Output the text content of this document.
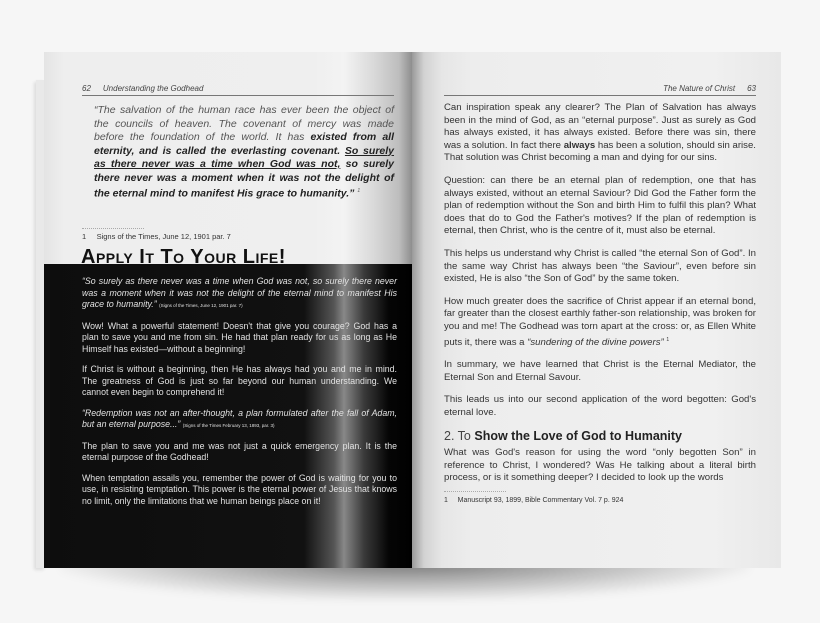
62 Understanding the Godhead
“The salvation of the human race has ever been the object of the councils of heaven. The covenant of mercy was made before the foundation of the world. It has existed from all eternity, and is called the everlasting covenant. So surely as there never was a time when God was not, so surely there never was a moment when it was not the delight of the eternal mind to manifest His grace to humanity.” $^1$
1 Signs of the Times, June 12, 1901 par. 7
Apply It To Your Life!

“So surely as there never was a time when God was not, so surely there never was a moment when it was not the delight of the eternal mind to manifest His grace to humanity.” (Signs of the Times, June 12, 1901 par. 7)

Wow! What a powerful statement! Doesn't that give you courage? God has a plan to save you and me from sin. He had that plan ready for us as long as He Himself has existed—without a beginning!

If Christ is without a beginning, then He has always had you and me in mind. The greatness of God is just so far beyond our human understanding. We cannot even begin to comprehend it!

“Redemption was not an after-thought, a plan formulated after the fall of Adam, but an eternal purpose...” (Signs of the Times February 13, 1893, par. 3)

The plan to save you and me was not just a quick emergency plan. It is the eternal purpose of the Godhead!

When temptation assails you, remember the power of God is waiting for you to use, in resisting temptation. This power is the eternal power of Jesus that knows no limit, only the limitations that we human beings place on it!

The Nature of Christ 63

Can inspiration speak any clearer? The Plan of Salvation has always been in the mind of God, as an “eternal purpose”. Just as surely as God has always existed, it has always existed. Before there was sin, there was a solution. In fact there always has been a solution, should sin arise. That solution was Christ becoming a man and dying for our sins.

Question: can there be an eternal plan of redemption, one that has always existed, without an eternal Saviour? Did God the Father form the plan of redemption without the Son and birth Him to fulfil this plan? What does that do to God the Father's motives? If the plan of redemption is eternal, then Christ, who is the centre of it, must also be eternal.

This helps us understand why Christ is called “the eternal Son of God”. In the same way Christ has always been “the Saviour”, even before sin existed, He is also “the Son of God” by the same token.

How much greater does the sacrifice of Christ appear if an eternal bond, far greater than the closest earthly father-son relationship, was broken for you and me! The Godhead was torn apart at the cross: or, as Ellen White puts it, there was a “sundering of the divine powers” $^1$

In summary, we have learned that Christ is the Eternal Mediator, the Eternal Son and Eternal Savour.

This leads us into our second application of the word begotten: God's eternal love.

2. To Show the Love of God to Humanity

What was God's reason for using the word “only begotten Son” in reference to Christ, I wondered? Was He talking about a literal birth process, or is it something deeper? I decided to look up the words

1 Manuscript 93, 1899, Bible Commentary Vol. 7 p. 924
